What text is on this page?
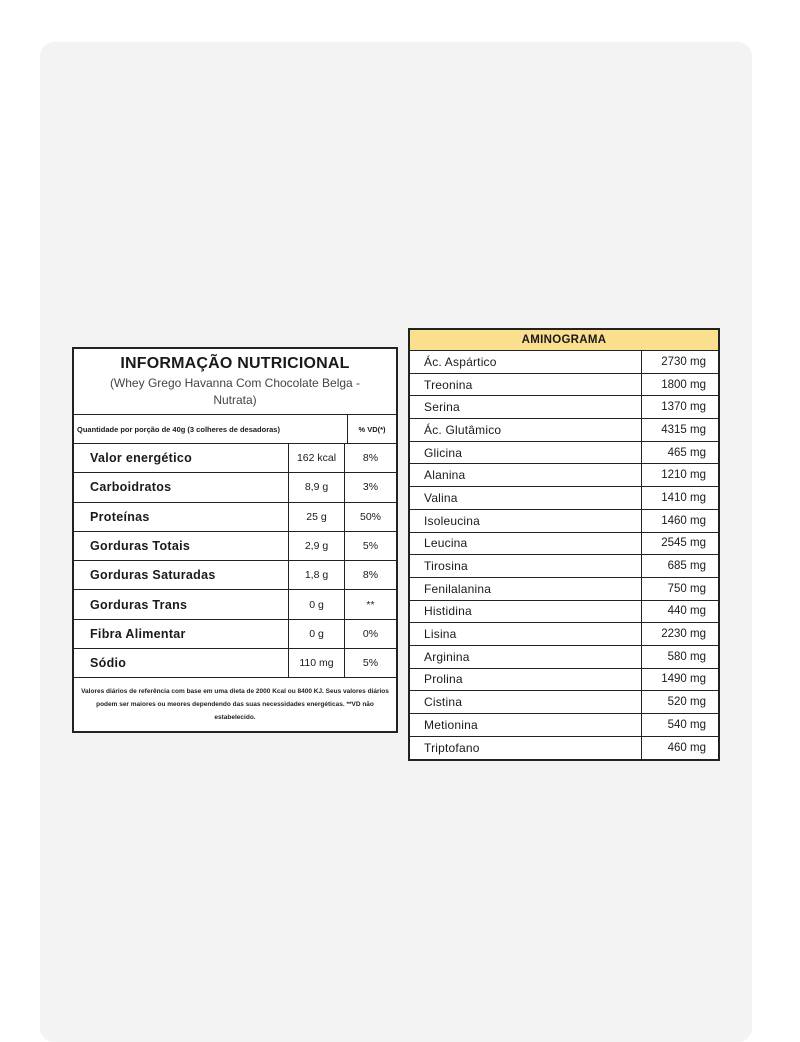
INFORMAÇÃO NUTRICIONAL
(Whey Grego Havanna Com Chocolate Belga - Nutrata)
Quantidade por porção de 40g (3 colheres de desadoras)	% VD(*)
Valor energético	162 kcal	8%
Carboidratos	8,9 g	3%
Proteínas	25 g	50%
Gorduras Totais	2,9 g	5%
Gorduras Saturadas	1,8 g	8%
Gorduras Trans	0 g	**
Fibra Alimentar	0 g	0%
Sódio	110 mg	5%
Valores diários de referência com base em uma dieta de 2000 Kcal ou 8400 KJ. Seus valores diários podem ser maiores ou meores dependendo das suas necessidades energéticas. **VD não estabelecido.
AMINOGRAMA
Ác. Aspártico	2730 mg
Treonina	1800 mg
Serina	1370 mg
Ác. Glutâmico	4315 mg
Glicina	465 mg
Alanina	1210 mg
Valina	1410 mg
Isoleucina	1460 mg
Leucina	2545 mg
Tirosina	685 mg
Fenilalanina	750 mg
Histidina	440 mg
Lisina	2230 mg
Arginina	580 mg
Prolina	1490 mg
Cistina	520 mg
Metionina	540 mg
Triptofano	460 mg
